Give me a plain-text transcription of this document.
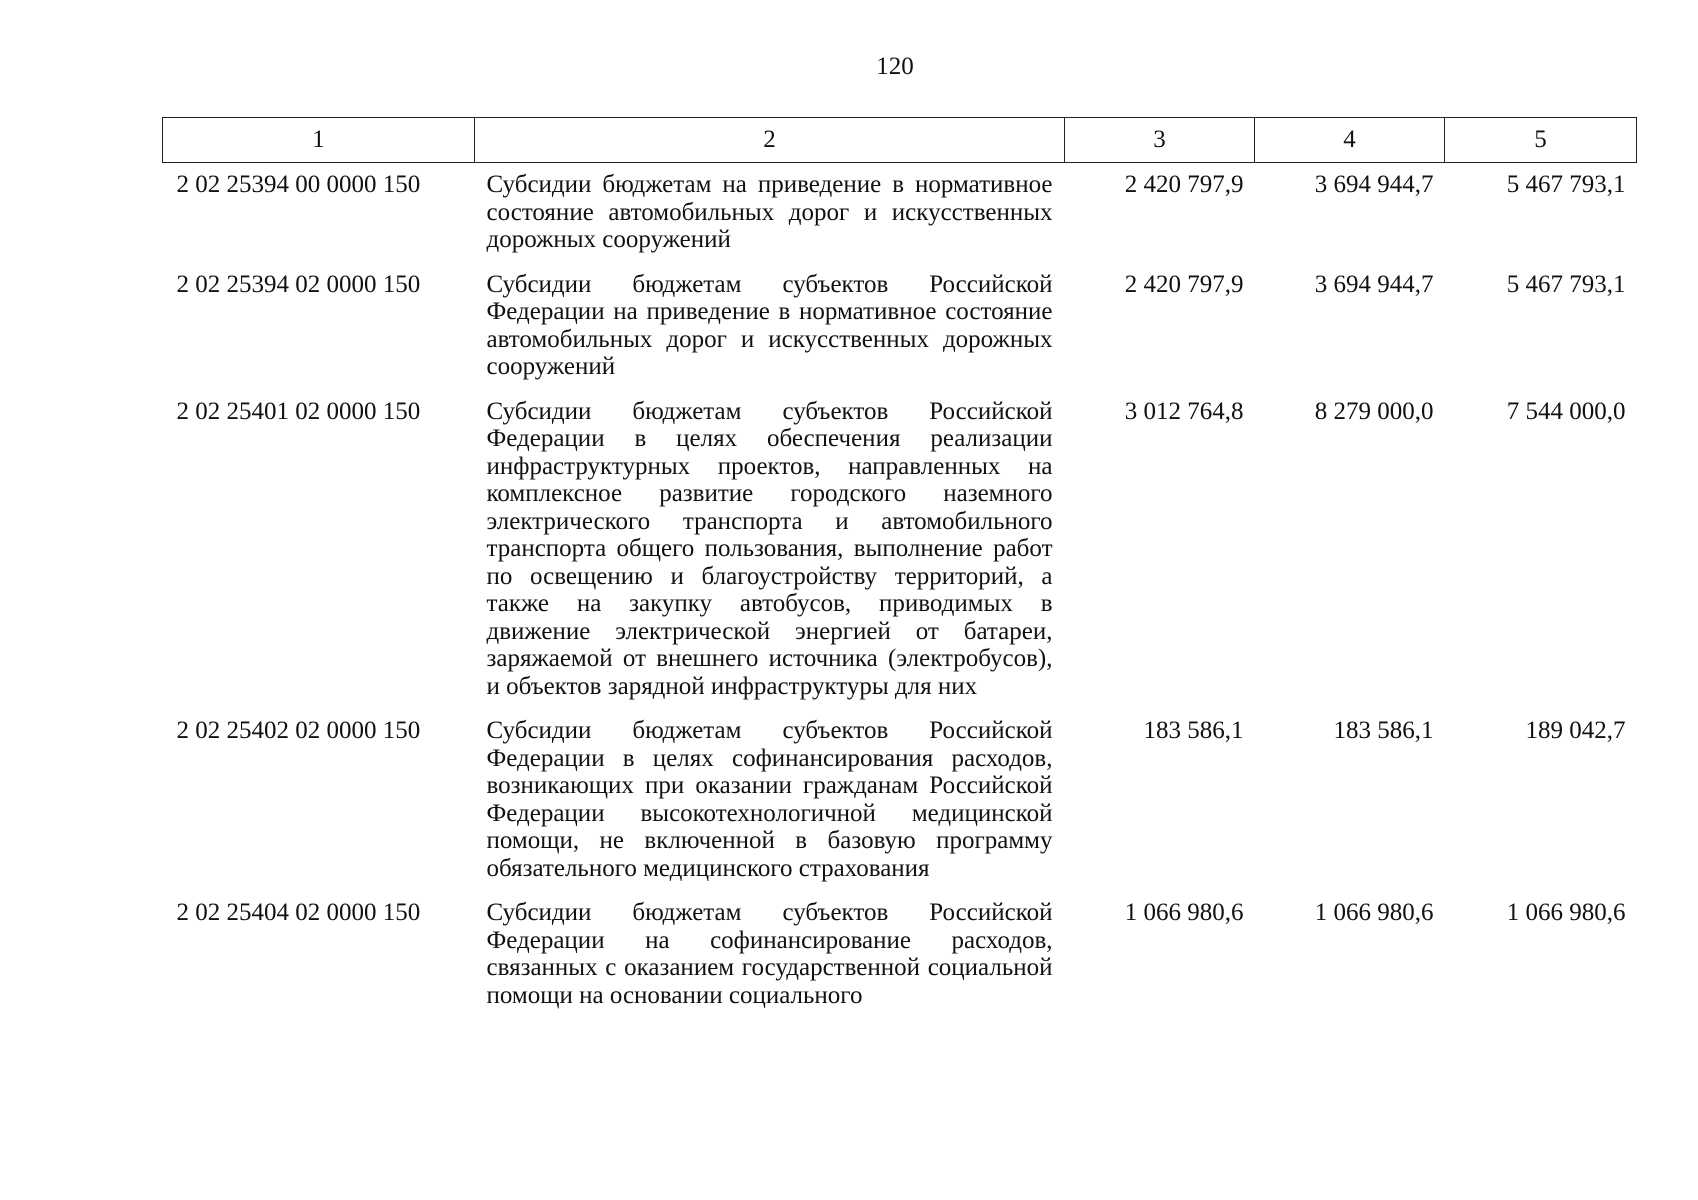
120
1	2	3	4	5
2 02 25394 00 0000 150	Субсидии бюджетам на приведение в нормативное состояние автомобильных дорог и искусственных дорожных сооружений	2 420 797,9	3 694 944,7	5 467 793,1
2 02 25394 02 0000 150	Субсидии бюджетам субъектов Российской Федерации на приведение в нормативное состояние автомобильных дорог и искусственных дорожных сооружений	2 420 797,9	3 694 944,7	5 467 793,1
2 02 25401 02 0000 150	Субсидии бюджетам субъектов Российской Федерации в целях обеспечения реализации инфраструктурных проектов, направленных на комплексное развитие городского наземного электрического транспорта и автомобильного транспорта общего пользования, выполнение работ по освещению и благоустройству территорий, а также на закупку автобусов, приводимых в движение электрической энергией от батареи, заряжаемой от внешнего источника (электробусов), и объектов зарядной инфраструктуры для них	3 012 764,8	8 279 000,0	7 544 000,0
2 02 25402 02 0000 150	Субсидии бюджетам субъектов Российской Федерации в целях софинансирования расходов, возникающих при оказании гражданам Российской Федерации высокотехнологичной медицинской помощи, не включенной в базовую программу обязательного медицинского страхования	183 586,1	183 586,1	189 042,7
2 02 25404 02 0000 150	Субсидии бюджетам субъектов Российской Федерации на софинансирование расходов, связанных с оказанием государственной социальной помощи на основании социального	1 066 980,6	1 066 980,6	1 066 980,6
